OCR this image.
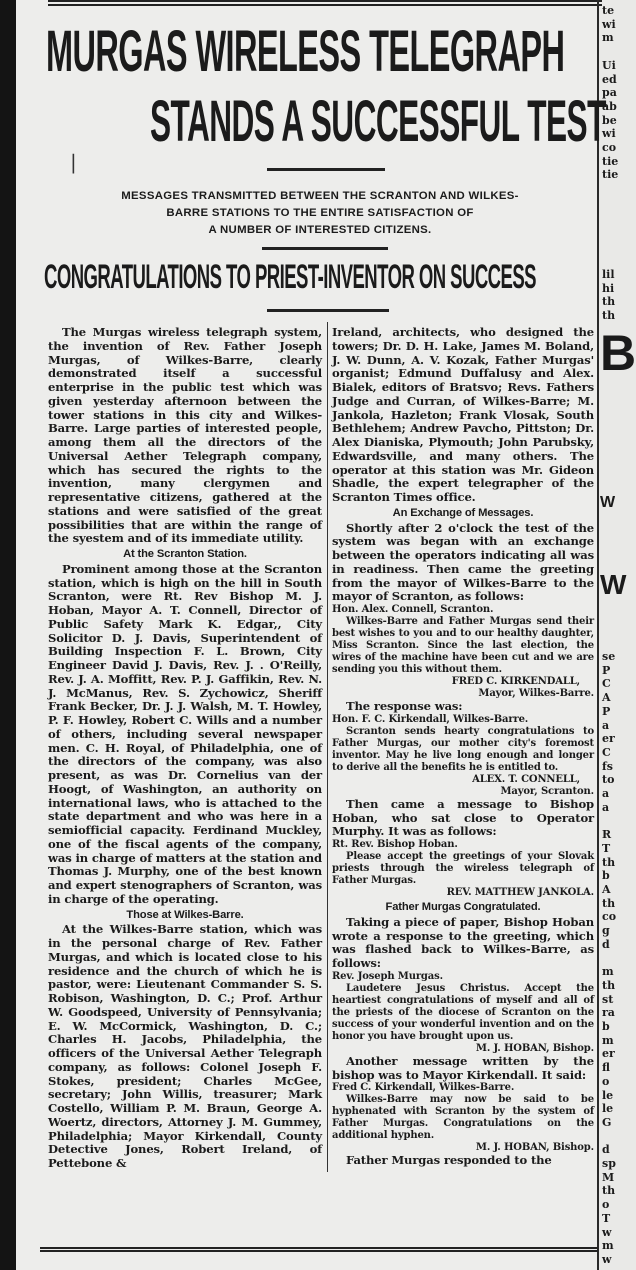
MURGAS WIRELESS TELEGRAPH
STANDS A SUCCESSFUL TEST
|
MESSAGES TRANSMITTED BETWEEN THE SCRANTON AND WILKES-
BARRE STATIONS TO THE ENTIRE SATISFACTION OF
A NUMBER OF INTERESTED CITIZENS.
CONGRATULATIONS TO PRIEST-INVENTOR ON SUCCESS

The Murgas wireless telegraph system, the invention of Rev. Father Joseph Murgas, of Wilkes-Barre, clearly demonstrated itself a successful enterprise in the public test which was given yesterday afternoon between the tower stations in this city and Wilkes-Barre. Large parties of interested people, among them all the directors of the Universal Aether Telegraph company, which has secured the rights to the invention, many clergymen and representative citizens, gathered at the stations and were satisfied of the great possibilities that are within the range of the syestem and of its immediate utility.

At the Scranton Station.

Prominent among those at the Scranton station, which is high on the hill in South Scranton, were Rt. Rev Bishop M. J. Hoban, Mayor A. T. Connell, Director of Public Safety Mark K. Edgar,, City Solicitor D. J. Davis, Superintendent of Building Inspection F. L. Brown, City Engineer David J. Davis, Rev. J. . O'Reilly, Rev. J. A. Moffitt, Rev. P. J. Gaffikin, Rev. N. J. McManus, Rev. S. Zychowicz, Sheriff Frank Becker, Dr. J. J. Walsh, M. T. Howley, P. F. Howley, Robert C. Wills and a number of others, including several newspaper men. C. H. Royal, of Philadelphia, one of the directors of the company, was also present, as was Dr. Cornelius van der Hoogt, of Washington, an authority on international laws, who is attached to the state department and who was here in a semiofficial capacity. Ferdinand Muckley, one of the fiscal agents of the company, was in charge of matters at the station and Thomas J. Murphy, one of the best known and expert stenographers of Scranton, was in charge of the operating.

Those at Wilkes-Barre.

At the Wilkes-Barre station, which was in the personal charge of Rev. Father Murgas, and which is located close to his residence and the church of which he is pastor, were: Lieutenant Commander S. S. Robison, Washington, D. C.; Prof. Arthur W. Goodspeed, University of Pennsylvania; E. W. McCormick, Washington, D. C.; Charles H. Jacobs, Philadelphia, the officers of the Universal Aether Telegraph company, as follows: Colonel Joseph F. Stokes, president; Charles McGee, secretary; John Willis, treasurer; Mark Costello, William P. M. Braun, George A. Woertz, directors, Attorney J. M. Gummey, Philadelphia; Mayor Kirkendall, County Detective Jones, Robert Ireland, of Pettebone &

Ireland, architects, who designed the towers; Dr. D. H. Lake, James M. Boland, J. W. Dunn, A. V. Kozak, Father Murgas' organist; Edmund Duffalusy and Alex. Bialek, editors of Bratsvo; Revs. Fathers Judge and Curran, of Wilkes-Barre; M. Jankola, Hazleton; Frank Vlosak, South Bethlehem; Andrew Pavcho, Pittston; Dr. Alex Dianiska, Plymouth; John Parubsky, Edwardsville, and many others. The operator at this station was Mr. Gideon Shadle, the expert telegrapher of the Scranton Times office.

An Exchange of Messages.

Shortly after 2 o'clock the test of the system was began with an exchange between the operators indicating all was in readiness. Then came the greeting from the mayor of Wilkes-Barre to the mayor of Scranton, as follows:

Hon. Alex. Connell, Scranton.

Wilkes-Barre and Father Murgas send their best wishes to you and to our healthy daughter, Miss Scranton. Since the last election, the wires of the machine have been cut and we are sending you this without them.

FRED C. KIRKENDALL,

Mayor, Wilkes-Barre.

The response was:

Hon. F. C. Kirkendall, Wilkes-Barre.

Scranton sends hearty congratulations to Father Murgas, our mother city's foremost inventor. May he live long enough and longer to derive all the benefits he is entitled to.

ALEX. T. CONNELL,

Mayor, Scranton.

Then came a message to Bishop Hoban, who sat close to Operator Murphy. It was as follows:

Rt. Rev. Bishop Hoban.

Please accept the greetings of your Slovak priests through the wireless telegraph of Father Murgas.

REV. MATTHEW JANKOLA.

Father Murgas Congratulated.

Taking a piece of paper, Bishop Hoban wrote a response to the greeting, which was flashed back to Wilkes-Barre, as follows:

Rev. Joseph Murgas.

Laudetere Jesus Christus. Accept the heartiest congratulations of myself and all of the priests of the diocese of Scranton on the success of your wonderful invention and on the honor you have brought upon us.

M. J. HOBAN, Bishop.

Another message written by the bishop was to Mayor Kirkendall. It said:

Fred C. Kirkendall, Wilkes-Barre.

Wilkes-Barre may now be said to be hyphenated with Scranton by the system of Father Murgas. Congratulations on the additional hyphen.

M. J. HOBAN, Bishop.

Father Murgas responded to the

te
wi
m

Ui
ed
pa
ab
be
wi
co
tie
tie
lil
hi
th
th
B
W
W
se
P
C
A
P
a
er
C
fs
to
a
a

R
T
th
b
A
th
co
g
d

m
th
st
ra
b
m
er
fl
o
le
le
G

d
sp
M
th
o
T
w
m
w
